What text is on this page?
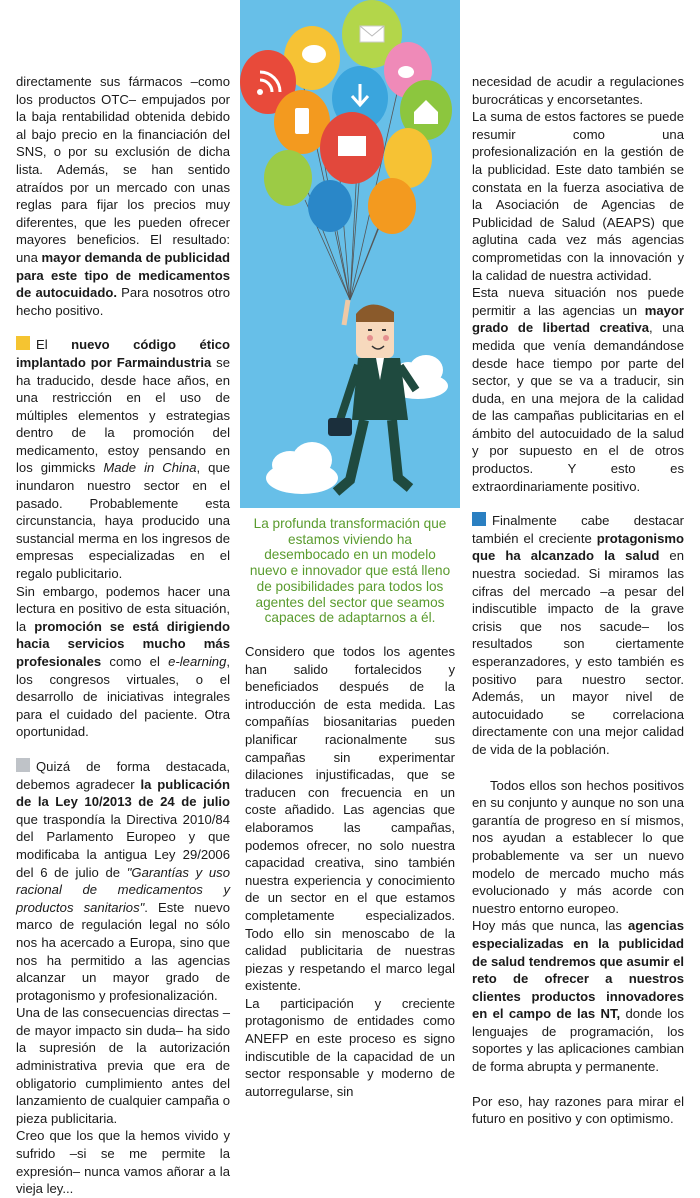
directamente sus fármacos –como los productos OTC– empujados por la baja rentabilidad obtenida debido al bajo precio en la financiación del SNS, o por su exclusión de dicha lista. Además, se han sentido atraídos por un mercado con unas reglas para fijar los precios muy diferentes, que les pueden ofrecer mayores beneficios. El resultado: una mayor demanda de publicidad para este tipo de medicamentos de autocuidado. Para nosotros otro hecho positivo.

El nuevo código ético implantado por Farmaindustria se ha traducido, desde hace años, en una restricción en el uso de múltiples elementos y estrategias dentro de la promoción del medicamento, estoy pensando en los gimmicks Made in China, que inundaron nuestro sector en el pasado. Probablemente esta circunstancia, haya producido una sustancial merma en los ingresos de empresas especializadas en el regalo publicitario.

Sin embargo, podemos hacer una lectura en positivo de esta situación, la promoción se está dirigiendo hacia servicios mucho más profesionales como el e-learning, los congresos virtuales, o el desarrollo de iniciativas integrales para el cuidado del paciente. Otra oportunidad.

Quizá de forma destacada, debemos agradecer la publicación de la Ley 10/2013 de 24 de julio que traspondía la Directiva 2010/84 del Parlamento Europeo y que modificaba la antigua Ley 29/2006 del 6 de julio de "Garantías y uso racional de medicamentos y productos sanitarios". Este nuevo marco de regulación legal no sólo nos ha acercado a Europa, sino que nos ha permitido a las agencias alcanzar un mayor grado de protagonismo y profesionalización.

Una de las consecuencias directas –de mayor impacto sin duda– ha sido la supresión de la autorización administrativa previa que era de obligatorio cumplimiento antes del lanzamiento de cualquier campaña o pieza publicitaria.

Creo que los que la hemos vivido y sufrido –si se me permite la expresión– nunca vamos añorar a la vieja ley...

La profunda transformación que estamos viviendo ha desembocado en un modelo nuevo e innovador que está lleno de posibilidades para todos los agentes del sector que seamos capaces de adaptarnos a él.

Considero que todos los agentes han salido fortalecidos y beneficiados después de la introducción de esta medida. Las compañías biosanitarias pueden planificar racionalmente sus campañas sin experimentar dilaciones injustificadas, que se traducen con frecuencia en un coste añadido. Las agencias que elaboramos las campañas, podemos ofrecer, no solo nuestra capacidad creativa, sino también nuestra experiencia y conocimiento de un sector en el que estamos completamente especializados. Todo ello sin menoscabo de la calidad publicitaria de nuestras piezas y respetando el marco legal existente.

La participación y creciente protagonismo de entidades como ANEFP en este proceso es signo indiscutible de la capacidad de un sector responsable y moderno de autorregularse, sin

necesidad de acudir a regulaciones burocráticas y encorsetantes.

La suma de estos factores se puede resumir como una profesionalización en la gestión de la publicidad. Este dato también se constata en la fuerza asociativa de la Asociación de Agencias de Publicidad de Salud (AEAPS) que aglutina cada vez más agencias comprometidas con la innovación y la calidad de nuestra actividad.

Esta nueva situación nos puede permitir a las agencias un mayor grado de libertad creativa, una medida que venía demandándose desde hace tiempo por parte del sector, y que se va a traducir, sin duda, en una mejora de la calidad de las campañas publicitarias en el ámbito del autocuidado de la salud y por supuesto en el de otros productos. Y esto es extraordinariamente positivo.

Finalmente cabe destacar también el creciente protagonismo que ha alcanzado la salud en nuestra sociedad. Si miramos las cifras del mercado –a pesar del indiscutible impacto de la grave crisis que nos sacude– los resultados son ciertamente esperanzadores, y esto también es positivo para nuestro sector. Además, un mayor nivel de autocuidado se correlaciona directamente con una mejor calidad de vida de la población.

Todos ellos son hechos positivos en su conjunto y aunque no son una garantía de progreso en sí mismos, nos ayudan a establecer lo que probablemente va ser un nuevo modelo de mercado mucho más evolucionado y más acorde con nuestro entorno europeo.

Hoy más que nunca, las agencias especializadas en la publicidad de salud tendremos que asumir el reto de ofrecer a nuestros clientes productos innovadores en el campo de las NT, donde los lenguajes de programación, los soportes y las aplicaciones cambian de forma abrupta y permanente.

Por eso, hay razones para mirar el futuro en positivo y con optimismo.
